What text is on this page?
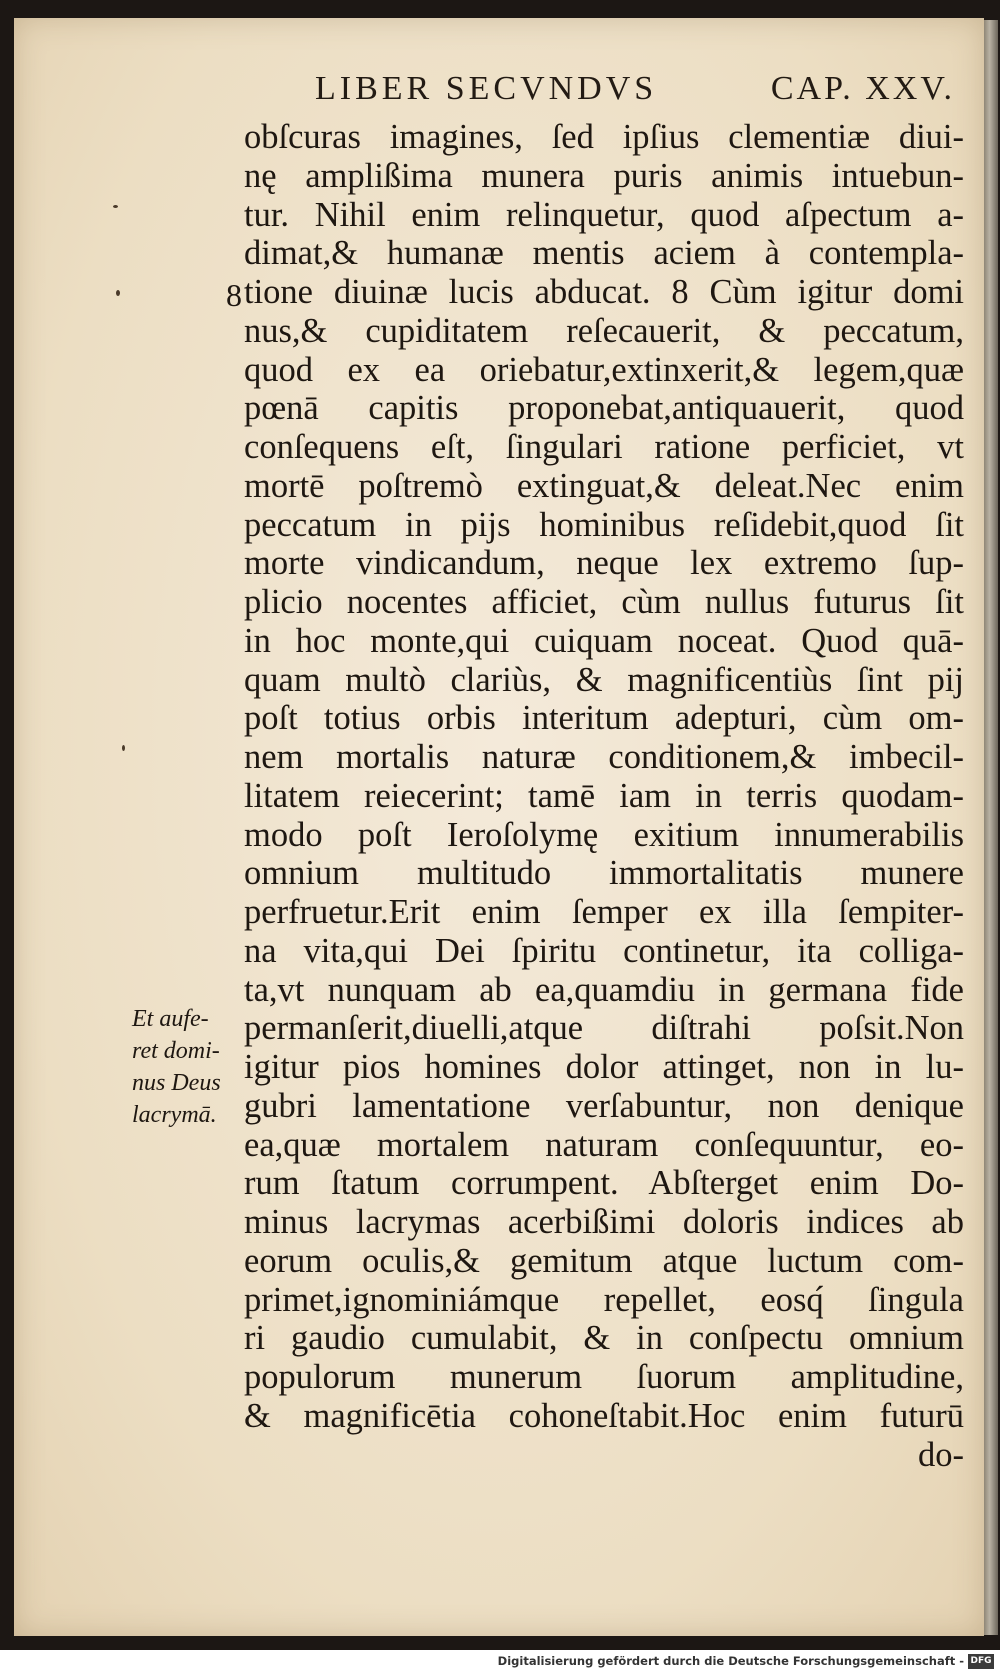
LIBER SECVNDVS	CAP. XXV.
8
obſcuras imagines, ſed ipſius clementiæ diui-
nę amplißima munera puris animis intuebun-
tur. Nihil enim relinquetur, quod aſpectum a-
dimat,& humanæ mentis aciem à contempla-
tione diuinæ lucis abducat. 8 Cùm igitur domi
nus,& cupiditatem reſecauerit, & peccatum,
quod ex ea oriebatur,extinxerit,& legem,quæ
pœnā capitis proponebat,antiquauerit, quod
conſequens eſt, ſingulari ratione perficiet, vt
mortē poſtremò extinguat,& deleat.Nec enim
peccatum in pijs hominibus reſidebit,quod ſit
morte vindicandum, neque lex extremo ſup-
plicio nocentes afficiet, cùm nullus futurus ſit
in hoc monte,qui cuiquam noceat. Quod quā-
quam multò clariùs, & magnificentiùs ſint pij
poſt totius orbis interitum adepturi, cùm om-
nem mortalis naturæ conditionem,& imbecil-
litatem reiecerint; tamē iam in terris quodam-
modo poſt Ieroſolymę exitium innumerabilis
omnium multitudo immortalitatis munere
perfruetur.Erit enim ſemper ex illa ſempiter-
na vita,qui Dei ſpiritu continetur, ita colliga-
ta,vt nunquam ab ea,quamdiu in germana fide
permanſerit,diuelli,atque diſtrahi poſsit.Non
igitur pios homines dolor attinget, non in lu-
gubri lamentatione verſabuntur, non denique
ea,quæ mortalem naturam conſequuntur, eo-
rum ſtatum corrumpent. Abſterget enim Do-
minus lacrymas acerbißimi doloris indices ab
eorum oculis,& gemitum atque luctum com-
primet,ignominiámque repellet, eosq́ ſingula
ri gaudio cumulabit, & in conſpectu omnium
populorum munerum ſuorum amplitudine,
& magnificētia cohoneſtabit.Hoc enim futurū
do-
Et aufe-
ret domi-
nus Deus
lacrymā.
Digitalisierung gefördert durch die Deutsche Forschungsgemeinschaft - DFG
